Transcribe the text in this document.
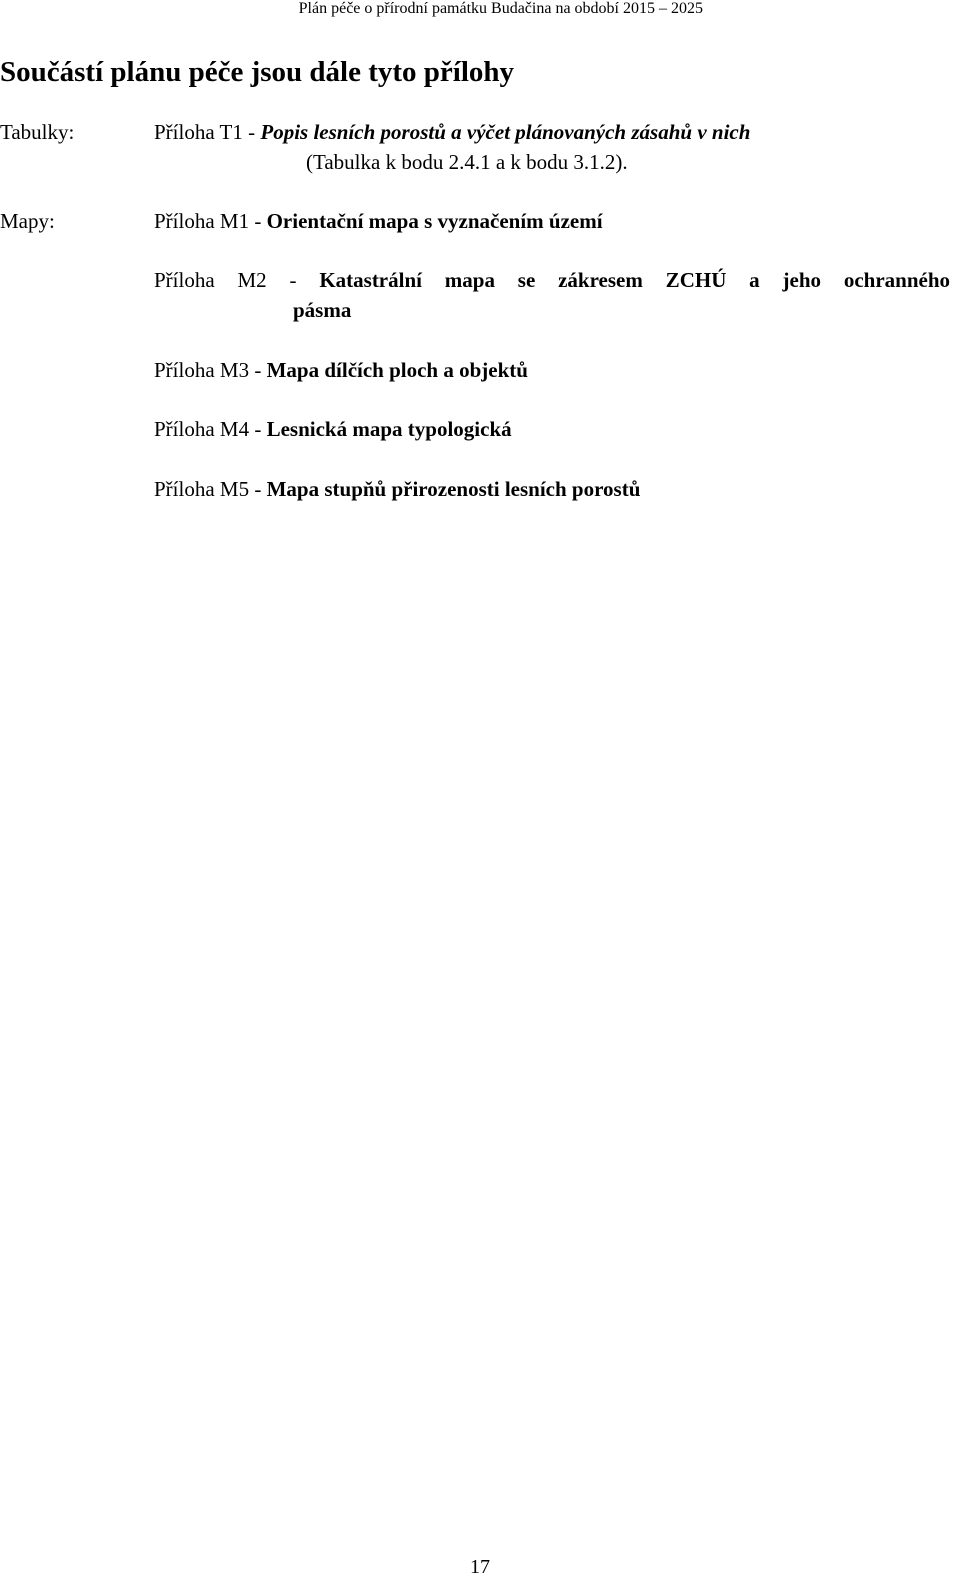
Plán péče o přírodní památku Budačina na období 2015 – 2025
Součástí plánu péče jsou dále tyto přílohy
Tabulky:	Příloha T1 - Popis lesních porostů a výčet plánovaných zásahů v nich
(Tabulka k bodu 2.4.1 a k bodu 3.1.2).
Mapy:	Příloha M1 - Orientační mapa s vyznačením území
Příloha M2 - Katastrální mapa se zákresem ZCHÚ a jeho ochranného
pásma
Příloha M3 - Mapa dílčích ploch a objektů
Příloha M4 - Lesnická mapa typologická
Příloha M5 - Mapa stupňů přirozenosti lesních porostů
17
